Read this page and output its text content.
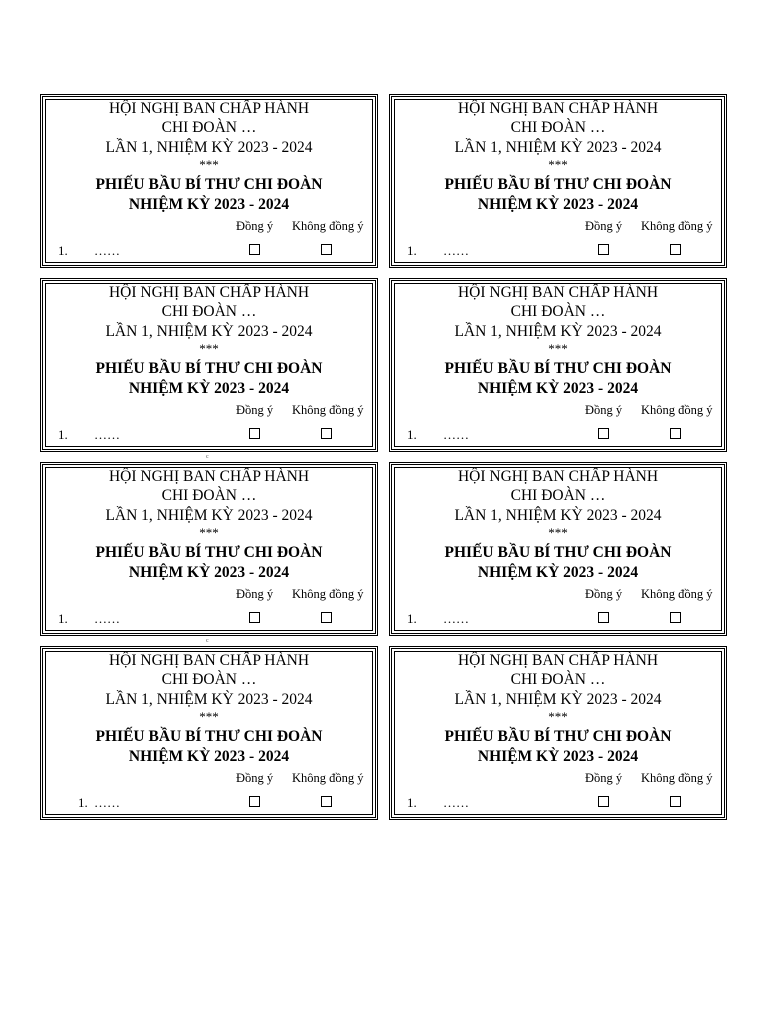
HỘI NGHỊ BAN CHẤP HÀNH
CHI ĐOÀN …
LẦN 1, NHIỆM KỲ 2023 - 2024
***
PHIẾU BẦU BÍ THƯ CHI ĐOÀN
NHIỆM KỲ 2023 - 2024
Đồng ý Không đồng ý
1. ……
HỘI NGHỊ BAN CHẤP HÀNH
CHI ĐOÀN …
LẦN 1, NHIỆM KỲ 2023 - 2024
***
PHIẾU BẦU BÍ THƯ CHI ĐOÀN
NHIỆM KỲ 2023 - 2024
Đồng ý Không đồng ý
1. ……
HỘI NGHỊ BAN CHẤP HÀNH
CHI ĐOÀN …
LẦN 1, NHIỆM KỲ 2023 - 2024
***
PHIẾU BẦU BÍ THƯ CHI ĐOÀN
NHIỆM KỲ 2023 - 2024
Đồng ý Không đồng ý
1. ……
HỘI NGHỊ BAN CHẤP HÀNH
CHI ĐOÀN …
LẦN 1, NHIỆM KỲ 2023 - 2024
***
PHIẾU BẦU BÍ THƯ CHI ĐOÀN
NHIỆM KỲ 2023 - 2024
Đồng ý Không đồng ý
1. ……
c
HỘI NGHỊ BAN CHẤP HÀNH
CHI ĐOÀN …
LẦN 1, NHIỆM KỲ 2023 - 2024
***
PHIẾU BẦU BÍ THƯ CHI ĐOÀN
NHIỆM KỲ 2023 - 2024
Đồng ý Không đồng ý
1. ……
HỘI NGHỊ BAN CHẤP HÀNH
CHI ĐOÀN …
LẦN 1, NHIỆM KỲ 2023 - 2024
***
PHIẾU BẦU BÍ THƯ CHI ĐOÀN
NHIỆM KỲ 2023 - 2024
Đồng ý Không đồng ý
1. ……
c
HỘI NGHỊ BAN CHẤP HÀNH
CHI ĐOÀN …
LẦN 1, NHIỆM KỲ 2023 - 2024
***
PHIẾU BẦU BÍ THƯ CHI ĐOÀN
NHIỆM KỲ 2023 - 2024
Đồng ý Không đồng ý
1. ……
HỘI NGHỊ BAN CHẤP HÀNH
CHI ĐOÀN …
LẦN 1, NHIỆM KỲ 2023 - 2024
***
PHIẾU BẦU BÍ THƯ CHI ĐOÀN
NHIỆM KỲ 2023 - 2024
Đồng ý Không đồng ý
1. ……
